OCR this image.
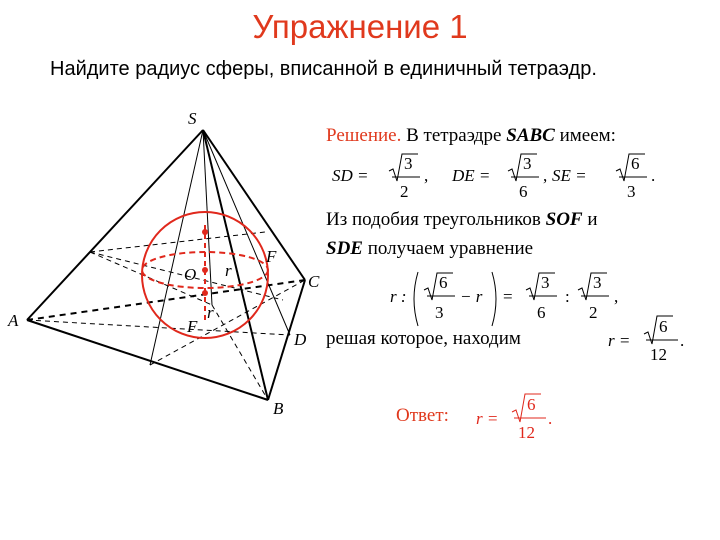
Упражнение 1
Найдите радиус сферы, вписанной в единичный тетраэдр.
S
A
B
C
D
F
F
O r
r
Решение. В тетраэдре SABC имеем:
SD =
3
2
, DE =
3
6
, SE =
6
3
.
Из подобия треугольников SOF и
SDE получаем уравнение
r :
6
3
− r =
3
6
:
3
2
,
решая которое, находим	r =
6
12
.
Ответ: r =
6
12
.
